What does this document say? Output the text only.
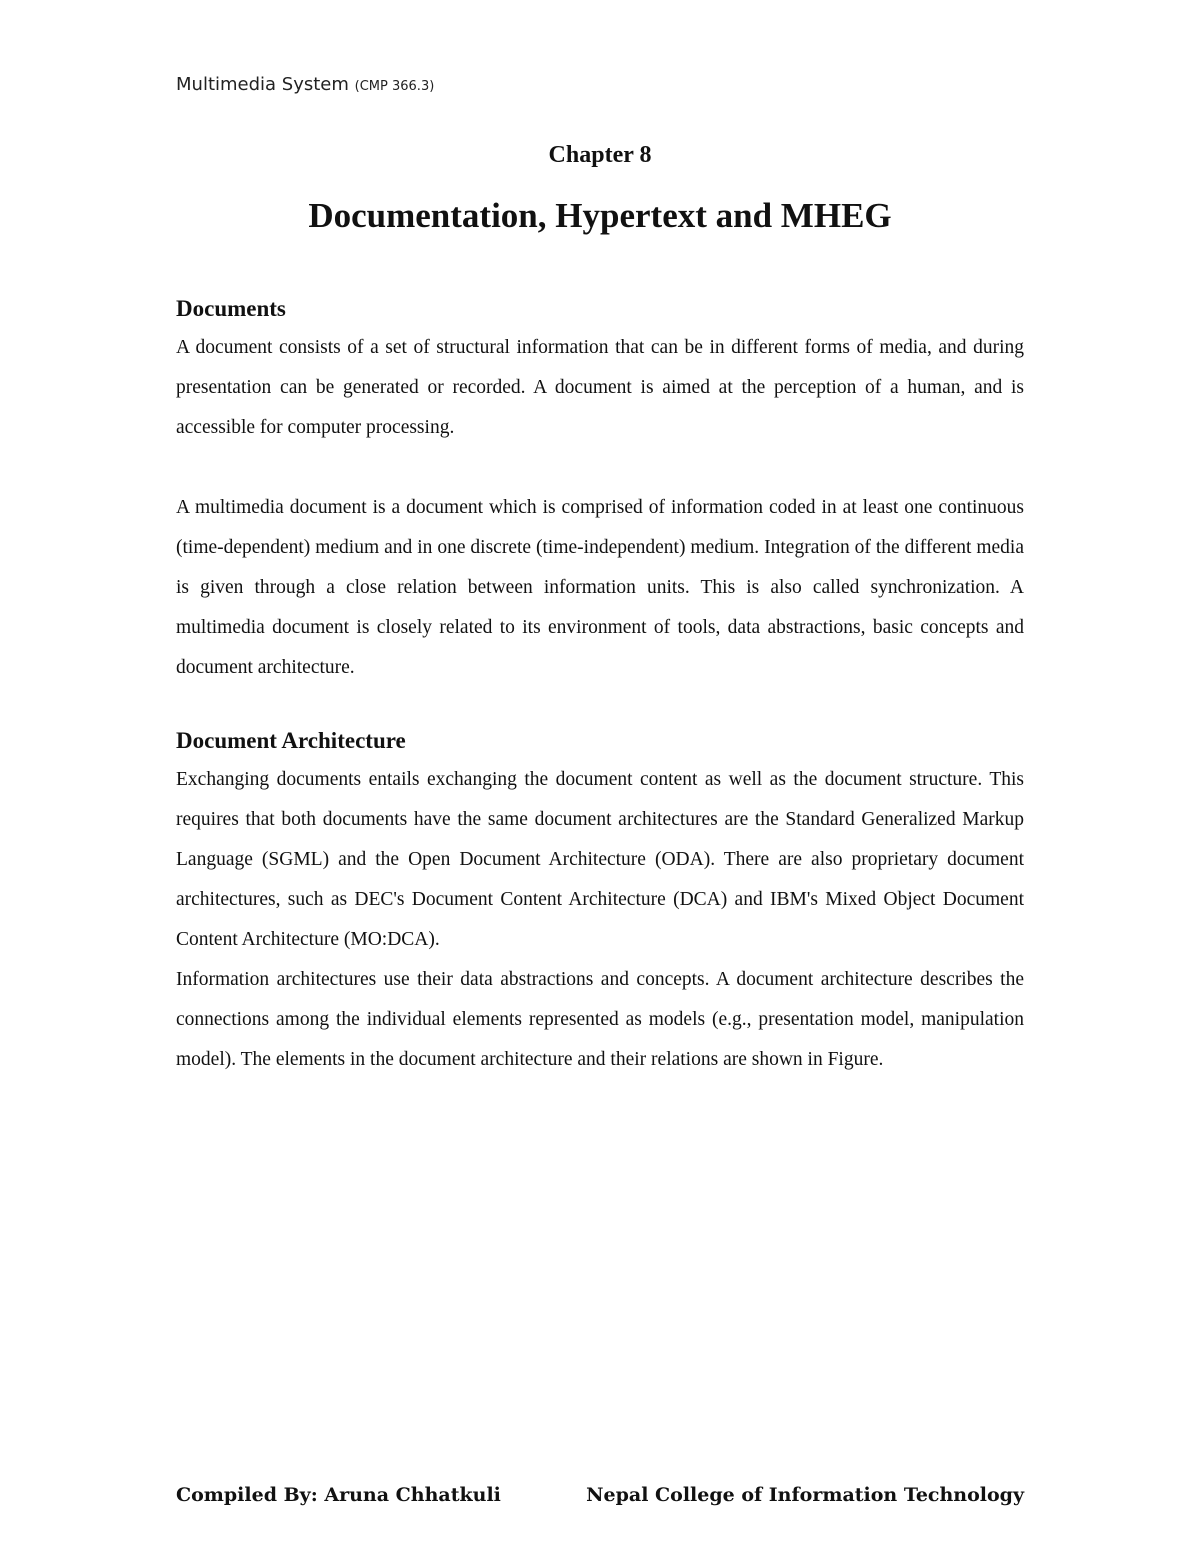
Multimedia System (CMP 366.3)
Chapter 8
Documentation, Hypertext and MHEG
Documents

A document consists of a set of structural information that can be in different forms of media, and during presentation can be generated or recorded. A document is aimed at the perception of a human, and is accessible for computer processing.

A multimedia document is a document which is comprised of information coded in at least one continuous (time-dependent) medium and in one discrete (time-independent) medium. Integration of the different media is given through a close relation between information units. This is also called synchronization. A multimedia document is closely related to its environment of tools, data abstractions, basic concepts and document architecture.

Document Architecture

Exchanging documents entails exchanging the document content as well as the document structure. This requires that both documents have the same document architectures are the Standard Generalized Markup Language (SGML) and the Open Document Architecture (ODA). There are also proprietary document architectures, such as DEC's Document Content Architecture (DCA) and IBM's Mixed Object Document Content Architecture (MO:DCA).

Information architectures use their data abstractions and concepts. A document architecture describes the connections among the individual elements represented as models (e.g., presentation model, manipulation model). The elements in the document architecture and their relations are shown in Figure.

Compiled By: Aruna Chhatkuli	Nepal College of Information Technology
